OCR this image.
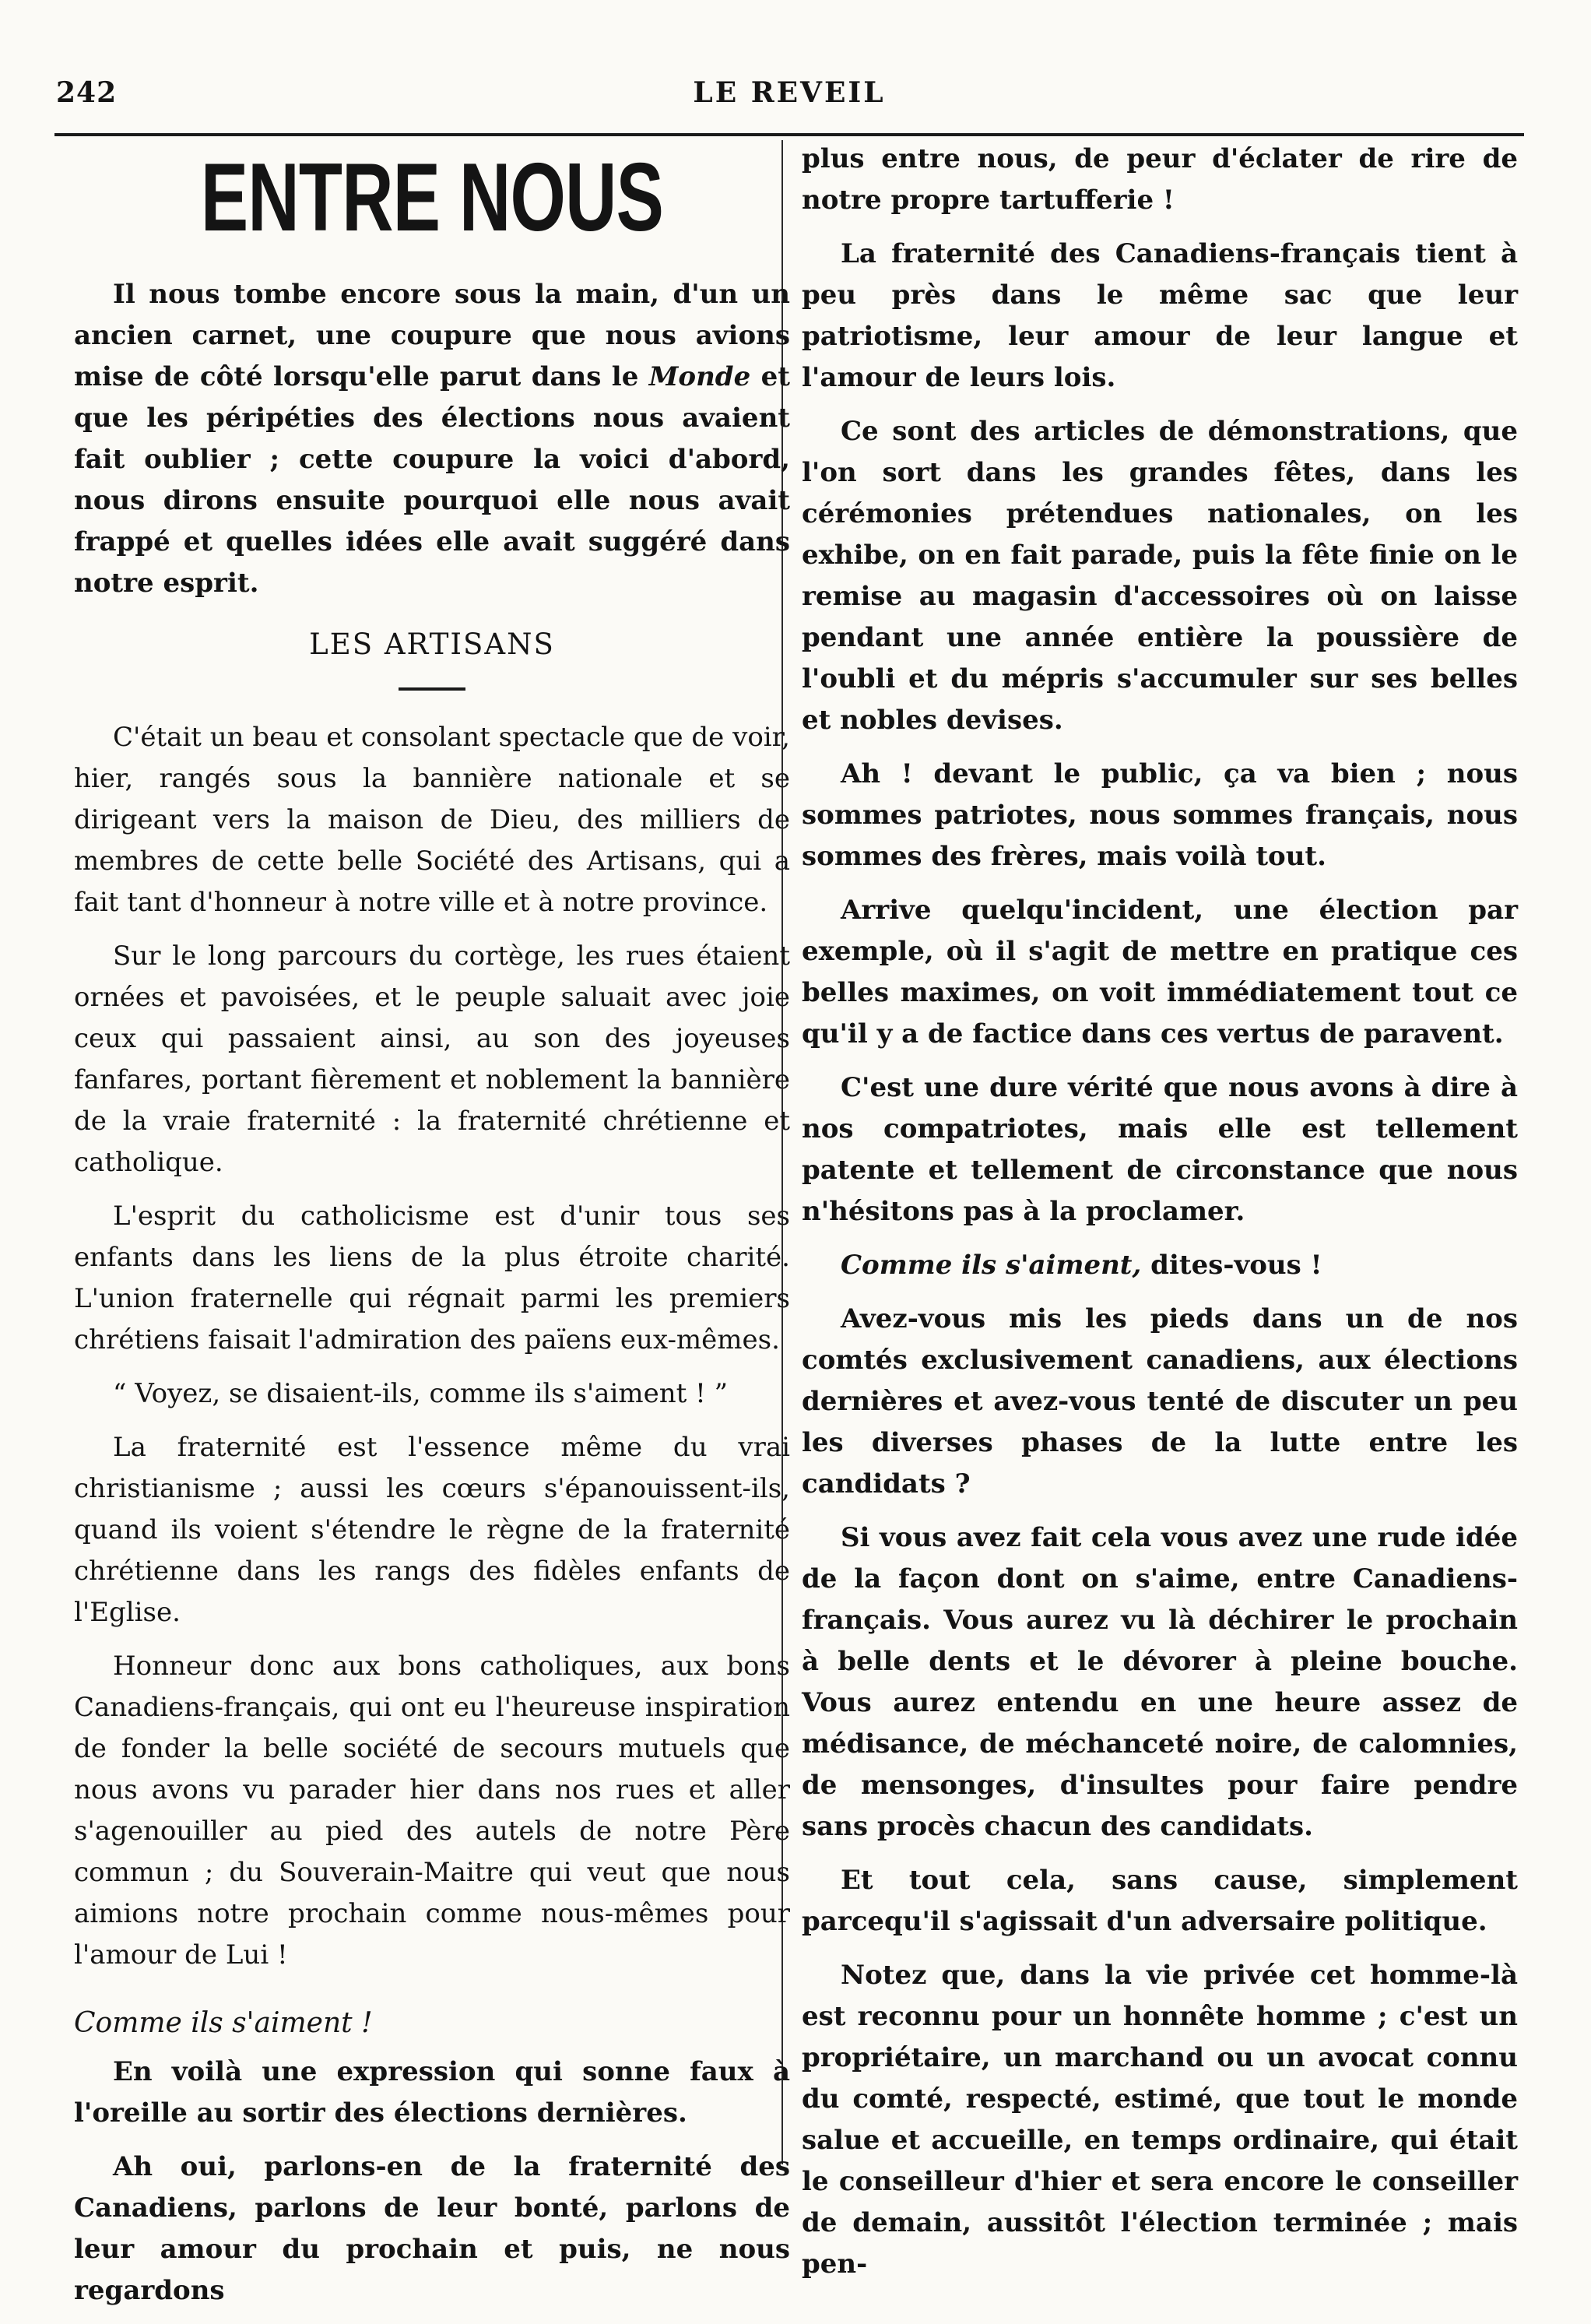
LE REVEIL
242
ENTRE NOUS

Il nous tombe encore sous la main, d'un un ancien carnet, une coupure que nous avions mise de côté lorsqu'elle parut dans le Monde et que les péripéties des élections nous avaient fait oublier ; cette coupure la voici d'abord, nous dirons ensuite pourquoi elle nous avait frappé et quelles idées elle avait suggéré dans notre esprit.

LES ARTISANS

C'était un beau et consolant spectacle que de voir, hier, rangés sous la bannière nationale et se dirigeant vers la maison de Dieu, des milliers de membres de cette belle Société des Artisans, qui a fait tant d'honneur à notre ville et à notre province.

Sur le long parcours du cortège, les rues étaient ornées et pavoisées, et le peuple saluait avec joie ceux qui passaient ainsi, au son des joyeuses fanfares, portant fièrement et noblement la bannière de la vraie fraternité : la fraternité chrétienne et catholique.

L'esprit du catholicisme est d'unir tous ses enfants dans les liens de la plus étroite charité. L'union fraternelle qui régnait parmi les premiers chrétiens faisait l'admiration des païens eux-mêmes.

“ Voyez, se disaient-ils, comme ils s'aiment ! ”

La fraternité est l'essence même du vrai christianisme ; aussi les cœurs s'épanouissent-ils, quand ils voient s'étendre le règne de la fraternité chrétienne dans les rangs des fidèles enfants de l'Eglise.

Honneur donc aux bons catholiques, aux bons Canadiens-français, qui ont eu l'heureuse inspiration de fonder la belle société de secours mutuels que nous avons vu parader hier dans nos rues et aller s'agenouiller au pied des autels de notre Père commun ; du Souverain-Maitre qui veut que nous aimions notre prochain comme nous-mêmes pour l'amour de Lui !

Comme ils s'aiment !

En voilà une expression qui sonne faux à l'oreille au sortir des élections dernières.

Ah oui, parlons-en de la fraternité des Canadiens, parlons de leur bonté, parlons de leur amour du prochain et puis, ne nous regardons

plus entre nous, de peur d'éclater de rire de notre propre tartufferie !

La fraternité des Canadiens-français tient à peu près dans le même sac que leur patriotisme, leur amour de leur langue et l'amour de leurs lois.

Ce sont des articles de démonstrations, que l'on sort dans les grandes fêtes, dans les cérémonies prétendues nationales, on les exhibe, on en fait parade, puis la fête finie on le remise au magasin d'accessoires où on laisse pendant une année entière la poussière de l'oubli et du mépris s'accumuler sur ses belles et nobles devises.

Ah ! devant le public, ça va bien ; nous sommes patriotes, nous sommes français, nous sommes des frères, mais voilà tout.

Arrive quelqu'incident, une élection par exemple, où il s'agit de mettre en pratique ces belles maximes, on voit immédiatement tout ce qu'il y a de factice dans ces vertus de paravent.

C'est une dure vérité que nous avons à dire à nos compatriotes, mais elle est tellement patente et tellement de circonstance que nous n'hésitons pas à la proclamer.

Comme ils s'aiment, dites-vous !

Avez-vous mis les pieds dans un de nos comtés exclusivement canadiens, aux élections dernières et avez-vous tenté de discuter un peu les diverses phases de la lutte entre les candidats ?

Si vous avez fait cela vous avez une rude idée de la façon dont on s'aime, entre Canadiens-français. Vous aurez vu là déchirer le prochain à belle dents et le dévorer à pleine bouche. Vous aurez entendu en une heure assez de médisance, de méchanceté noire, de calomnies, de mensonges, d'insultes pour faire pendre sans procès chacun des candidats.

Et tout cela, sans cause, simplement parcequ'il s'agissait d'un adversaire politique.

Notez que, dans la vie privée cet homme-là est reconnu pour un honnête homme ; c'est un propriétaire, un marchand ou un avocat connu du comté, respecté, estimé, que tout le monde salue et accueille, en temps ordinaire, qui était le conseilleur d'hier et sera encore le conseiller de demain, aussitôt l'élection terminée ; mais pen-
